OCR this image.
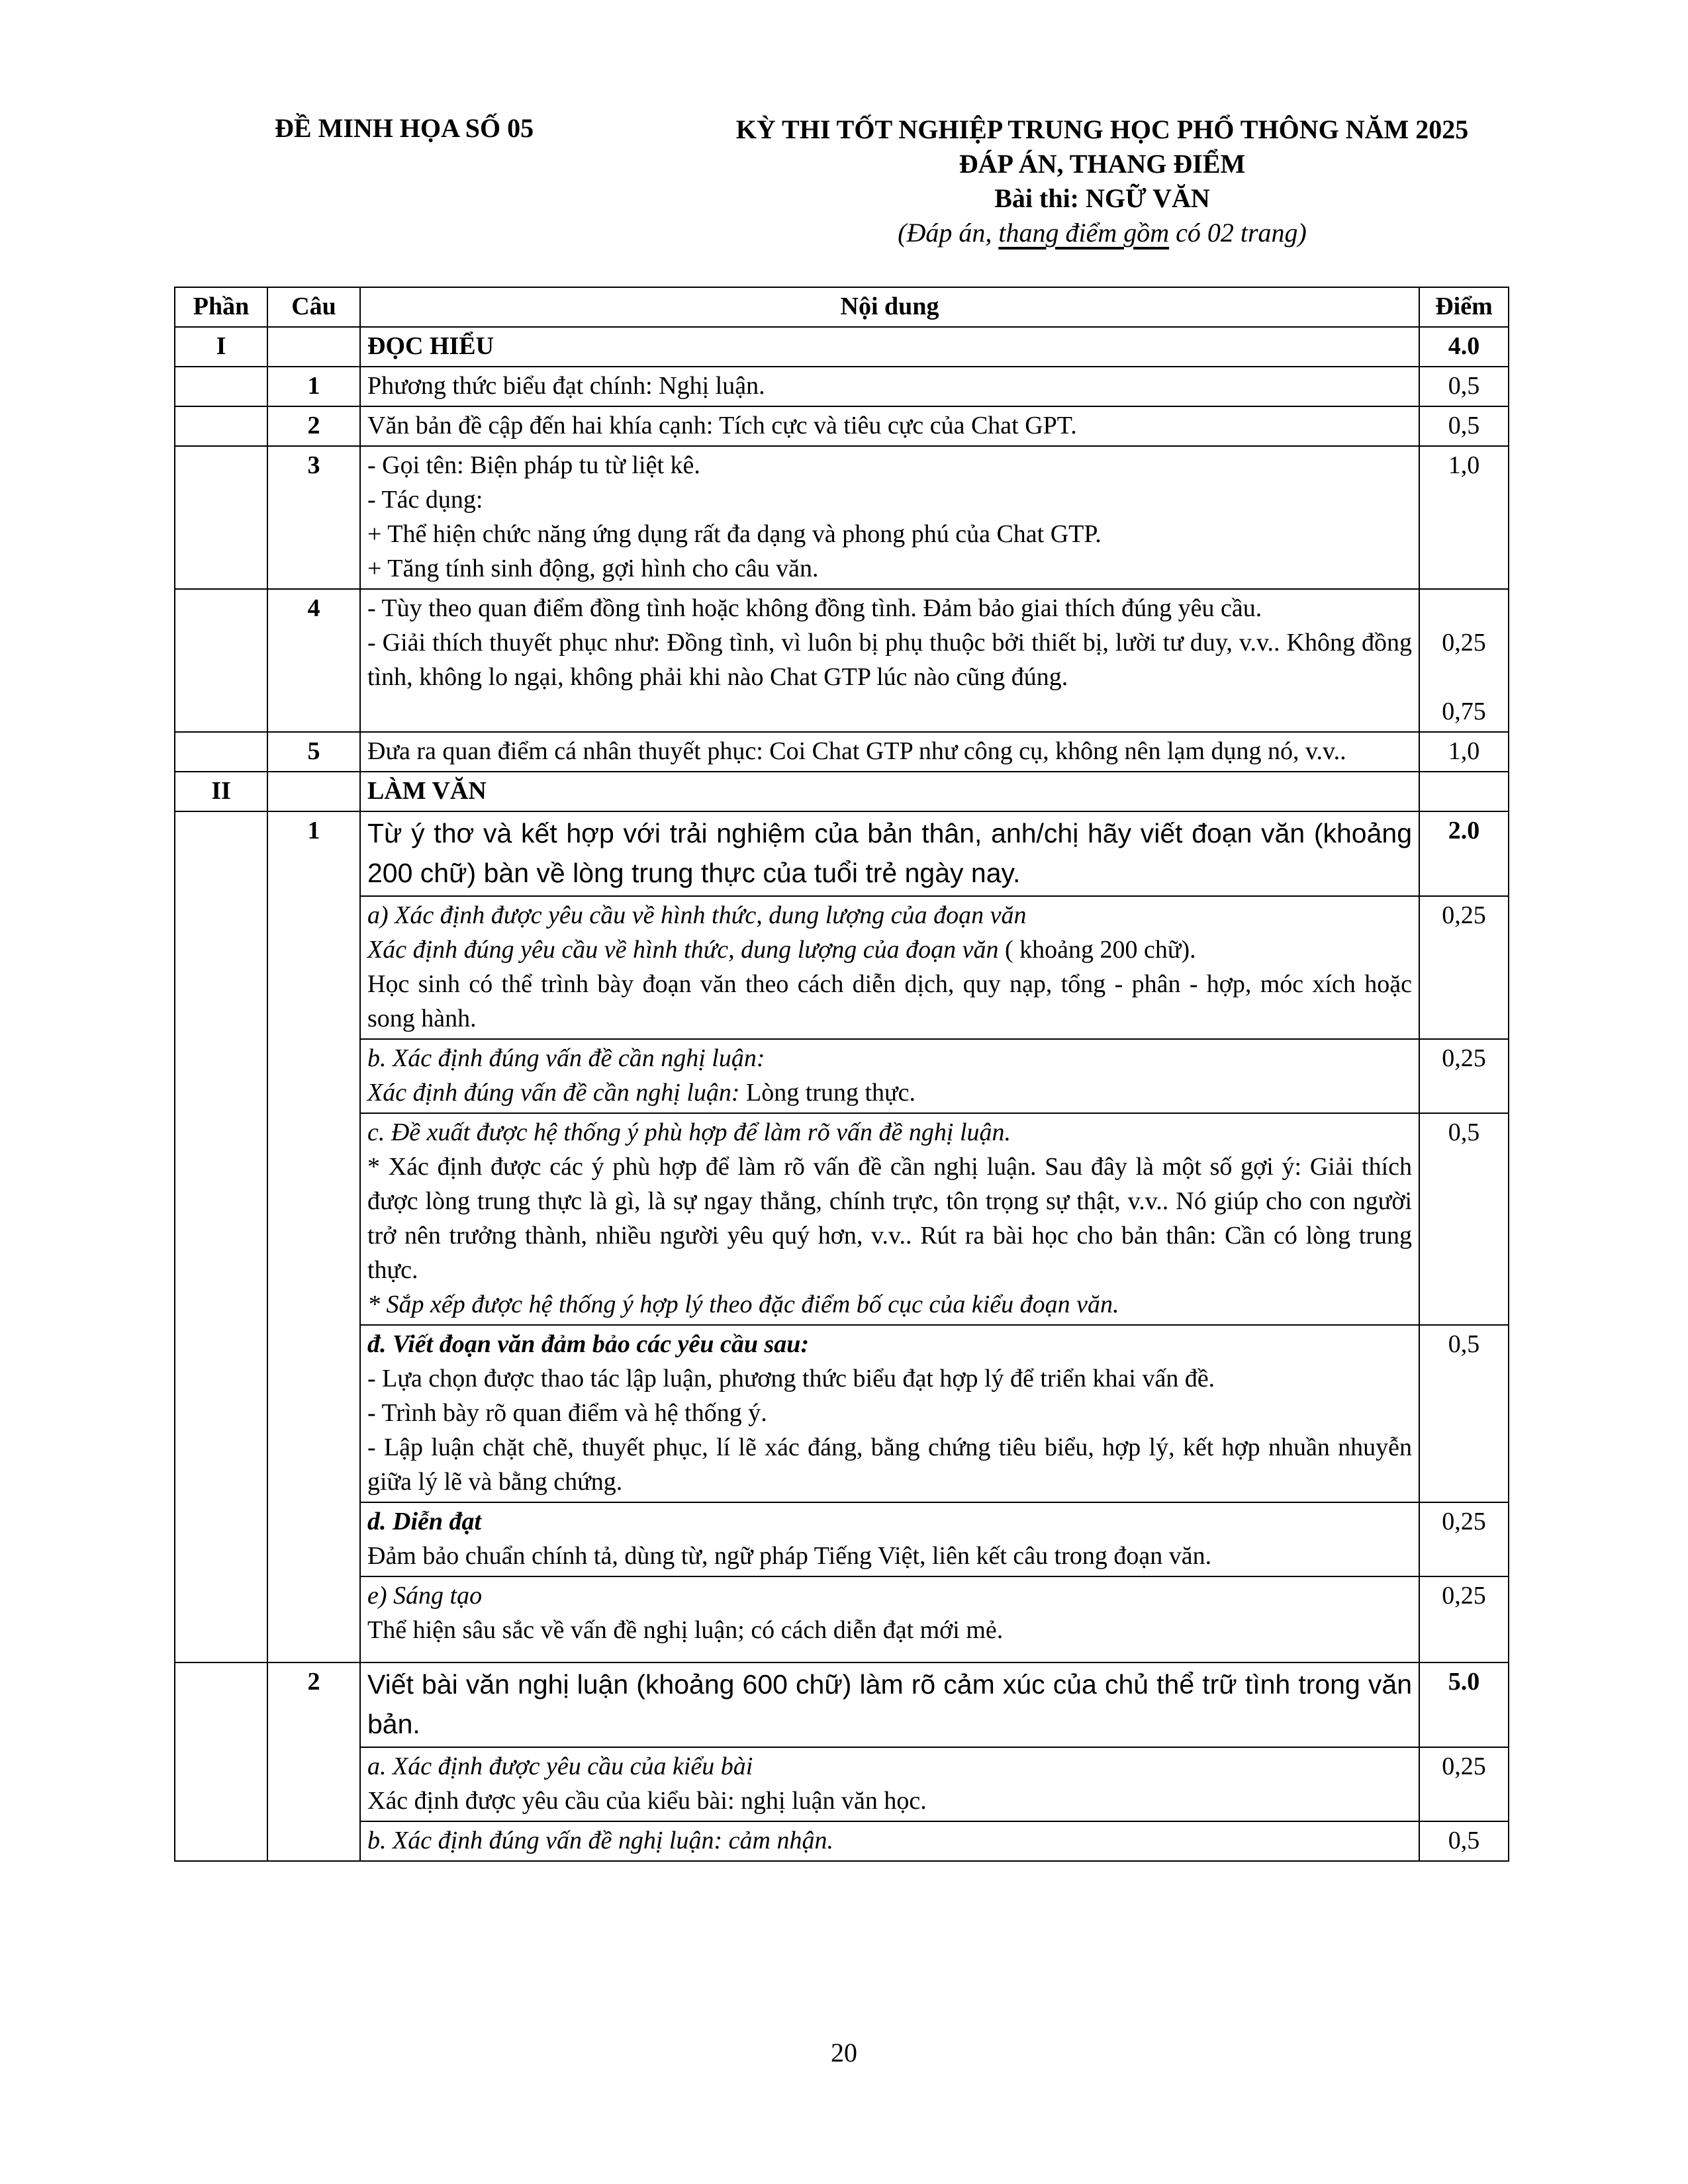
ĐỀ MINH HỌA SỐ 05	KỲ THI TỐT NGHIỆP TRUNG HỌC PHỔ THÔNG NĂM 2025
ĐÁP ÁN, THANG ĐIỂM
Bài thi: NGỮ VĂN
(Đáp án, thang điểm gồm có 02 trang)
Phần	Câu	Nội dung	Điểm
I		ĐỌC HIỂU	4.0
	1	Phương thức biểu đạt chính: Nghị luận.	0,5
	2	Văn bản đề cập đến hai khía cạnh: Tích cực và tiêu cực của Chat GPT.	0,5
	3	- Gọi tên: Biện pháp tu từ liệt kê.
- Tác dụng:
+ Thể hiện chức năng ứng dụng rất đa dạng và phong phú của Chat GTP.
+ Tăng tính sinh động, gợi hình cho câu văn.	1,0
	4	- Tùy theo quan điểm đồng tình hoặc không đồng tình. Đảm bảo giai thích đúng yêu cầu.
- Giải thích thuyết phục như: Đồng tình, vì luôn bị phụ thuộc bởi thiết bị, lười tư duy, v.v.. Không đồng tình, không lo ngại, không phải khi nào Chat GTP lúc nào cũng đúng.	0,25
0,75

	5	Đưa ra quan điểm cá nhân thuyết phục: Coi Chat GTP như công cụ, không nên lạm dụng nó, v.v..	1,0
II		LÀM VĂN	
	1	Từ ý thơ và kết hợp với trải nghiệm của bản thân, anh/chị hãy viết đoạn văn (khoảng 200 chữ) bàn về lòng trung thực của tuổi trẻ ngày nay.	2.0

		a) Xác định được yêu cầu về hình thức, dung lượng của đoạn văn
Xác định đúng yêu cầu về hình thức, dung lượng của đoạn văn ( khoảng 200 chữ).
Học sinh có thể trình bày đoạn văn theo cách diễn dịch, quy nạp, tổng - phân - hợp, móc xích hoặc song hành.	0,25

		b. Xác định đúng vấn đề cần nghị luận:
Xác định đúng vấn đề cần nghị luận: Lòng trung thực.	0,25

		c. Đề xuất được hệ thống ý phù hợp để làm rõ vấn đề nghị luận.
* Xác định được các ý phù hợp để làm rõ vấn đề cần nghị luận. Sau đây là một số gợi ý: Giải thích được lòng trung thực là gì, là sự ngay thẳng, chính trực, tôn trọng sự thật, v.v.. Nó giúp cho con người trở nên trưởng thành, nhiều người yêu quý hơn, v.v.. Rút ra bài học cho bản thân: Cần có lòng trung thực.
* Sắp xếp được hệ thống ý hợp lý theo đặc điểm bố cục của kiểu đoạn văn.	0,5

		đ. Viết đoạn văn đảm bảo các yêu cầu sau:
- Lựa chọn được thao tác lập luận, phương thức biểu đạt hợp lý để triển khai vấn đề.
- Trình bày rõ quan điểm và hệ thống ý.
- Lập luận chặt chẽ, thuyết phục, lí lẽ xác đáng, bằng chứng tiêu biểu, hợp lý, kết hợp nhuần nhuyễn giữa lý lẽ và bằng chứng.	0,5

		d. Diễn đạt
Đảm bảo chuẩn chính tả, dùng từ, ngữ pháp Tiếng Việt, liên kết câu trong đoạn văn.	0,25

		e) Sáng tạo
Thể hiện sâu sắc về vấn đề nghị luận; có cách diễn đạt mới mẻ.	0,25
	2	Viết bài văn nghị luận (khoảng 600 chữ) làm rõ cảm xúc của chủ thể trữ tình trong văn bản.	5.0

		a. Xác định được yêu cầu của kiểu bài
Xác định được yêu cầu của kiểu bài: nghị luận văn học.	0,25

		b. Xác định đúng vấn đề nghị luận: cảm nhận.	0,5
20
